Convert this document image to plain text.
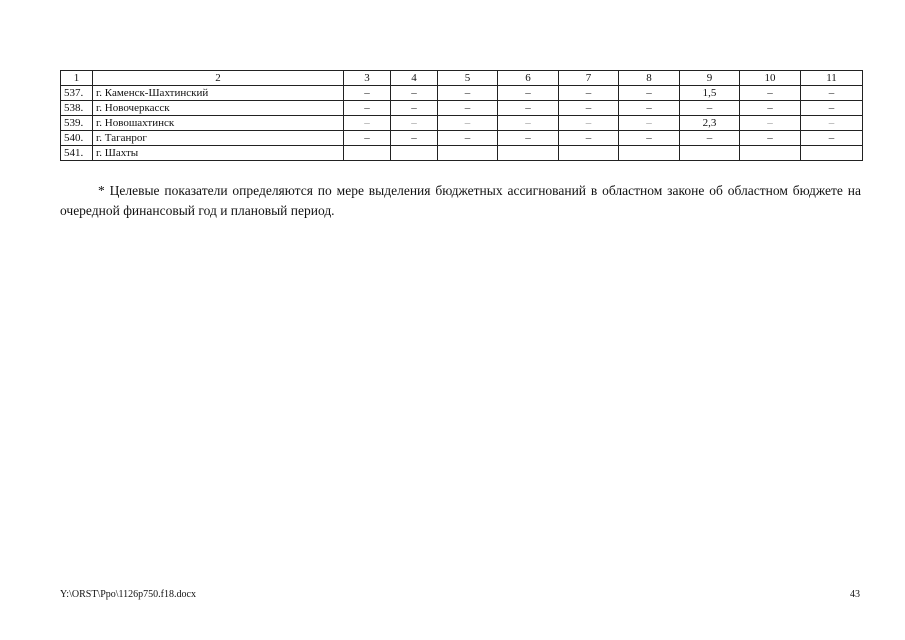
1	2	3	4	5	6	7	8	9	10	11
537.	г. Каменск-Шахтинский	–	–	–	–	–	–	1,5	–	–
538.	г. Новочеркасск	–	–	–	–	–	–	–	–	–
539.	г. Новошахтинск	–	–	–	–	–	–	2,3	–	–
540.	г. Таганрог	–	–	–	–	–	–	–	–	–
541.	г. Шахты									

* Целевые показатели определяются по мере выделения бюджетных ассигнований в областном законе об областном бюджете на очередной финансовый год и плановый период.

Y:\ORST\Ppo\1126p750.f18.docx	43
